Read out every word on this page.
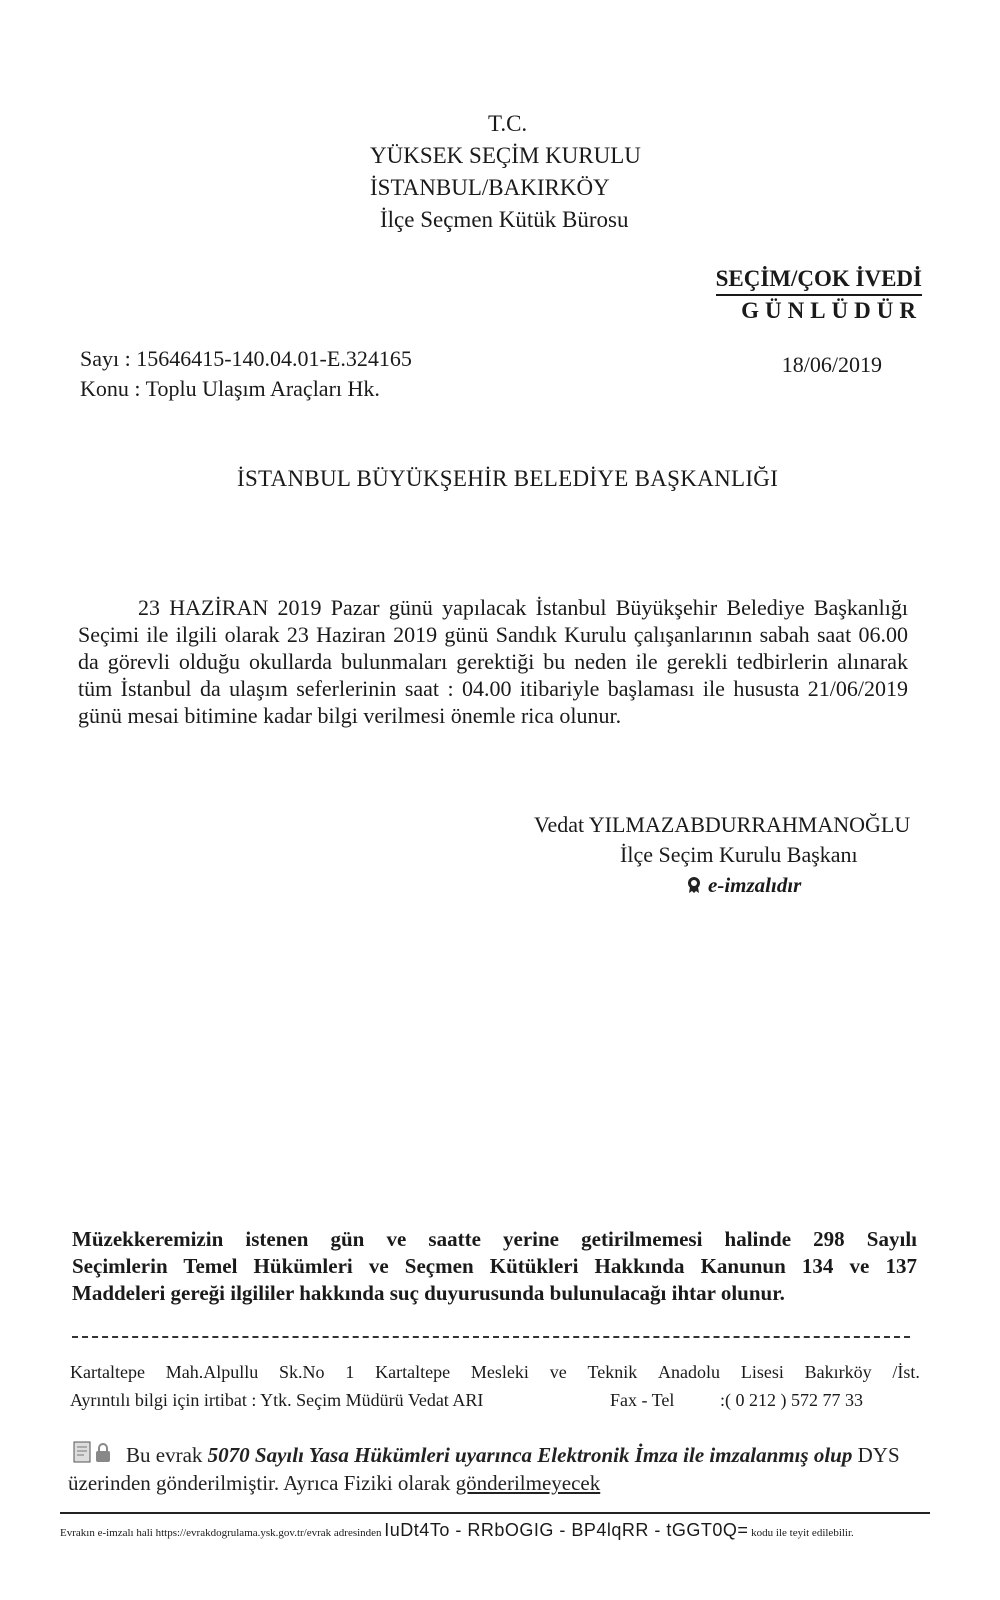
T.C.
YÜKSEK SEÇİM KURULU
İSTANBUL/BAKIRKÖY
İlçe Seçmen Kütük Bürosu
SEÇİM/ÇOK İVEDİ
GÜNLÜDÜR
Sayı : 15646415-140.04.01-E.324165
Konu : Toplu Ulaşım Araçları Hk.
18/06/2019
İSTANBUL BÜYÜKŞEHİR BELEDİYE BAŞKANLIĞI

23 HAZİRAN 2019 Pazar günü yapılacak İstanbul Büyükşehir Belediye Başkanlığı Seçimi ile ilgili olarak 23 Haziran 2019 günü Sandık Kurulu çalışanlarının sabah saat 06.00 da görevli olduğu okullarda bulunmaları gerektiği bu neden ile gerekli tedbirlerin alınarak tüm İstanbul da ulaşım seferlerinin saat : 04.00 itibariyle başlaması ile hususta 21/06/2019 günü mesai bitimine kadar bilgi verilmesi önemle rica olunur.

Vedat YILMAZABDURRAHMANOĞLU
İlçe Seçim Kurulu Başkanı
e-imzalıdır
Müzekkeremizin istenen gün ve saatte yerine getirilmemesi halinde 298 Sayılı
Seçimlerin Temel Hükümleri ve Seçmen Kütükleri Hakkında Kanunun 134 ve 137
Maddeleri gereği ilgililer hakkında suç duyurusunda bulunulacağı ihtar olunur.
Kartaltepe Mah.Alpullu Sk.No 1 Kartaltepe Mesleki ve Teknik Anadolu Lisesi Bakırköy /İst.
Ayrıntılı bilgi için irtibat : Ytk. Seçim Müdürü Vedat ARI	Fax - Tel	:( 0 212 ) 572 77 33
Bu evrak 5070 Sayılı Yasa Hükümleri uyarınca Elektronik İmza ile imzalanmış olup DYS üzerinden gönderilmiştir. Ayrıca Fiziki olarak gönderilmeyecek
Evrakın e-imzalı hali https://evrakdogrulama.ysk.gov.tr/evrak adresinden IuDt4To - RRbOGIG - BP4lqRR - tGGT0Q= kodu ile teyit edilebilir.
